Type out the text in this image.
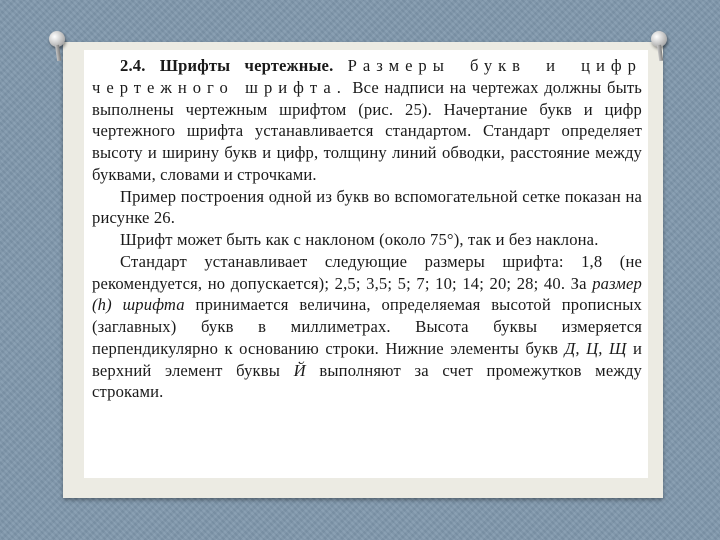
2.4. Шрифты чертежные. Размеры букв и цифр чертежного шрифта. Все надписи на чертежах должны быть выполнены чертежным шрифтом (рис. 25). Начертание букв и цифр чертежного шрифта устанавливается стандартом. Стандарт определяет высоту и ширину букв и цифр, толщину линий обводки, расстояние между буквами, словами и строчками.

Пример построения одной из букв во вспомогательной сетке показан на рисунке 26.

Шрифт может быть как с наклоном (около 75°), так и без наклона.

Стандарт устанавливает следующие размеры шрифта: 1,8 (не рекомендуется, но допускается); 2,5; 3,5; 5; 7; 10; 14; 20; 28; 40. За размер (h) шрифта принимается величина, определяемая высотой прописных (заглавных) букв в миллиметрах. Высота буквы измеряется перпендикулярно к основанию строки. Нижние элементы букв Д, Ц, Щ и верхний элемент буквы Й выполняют за счет промежутков между строками.
